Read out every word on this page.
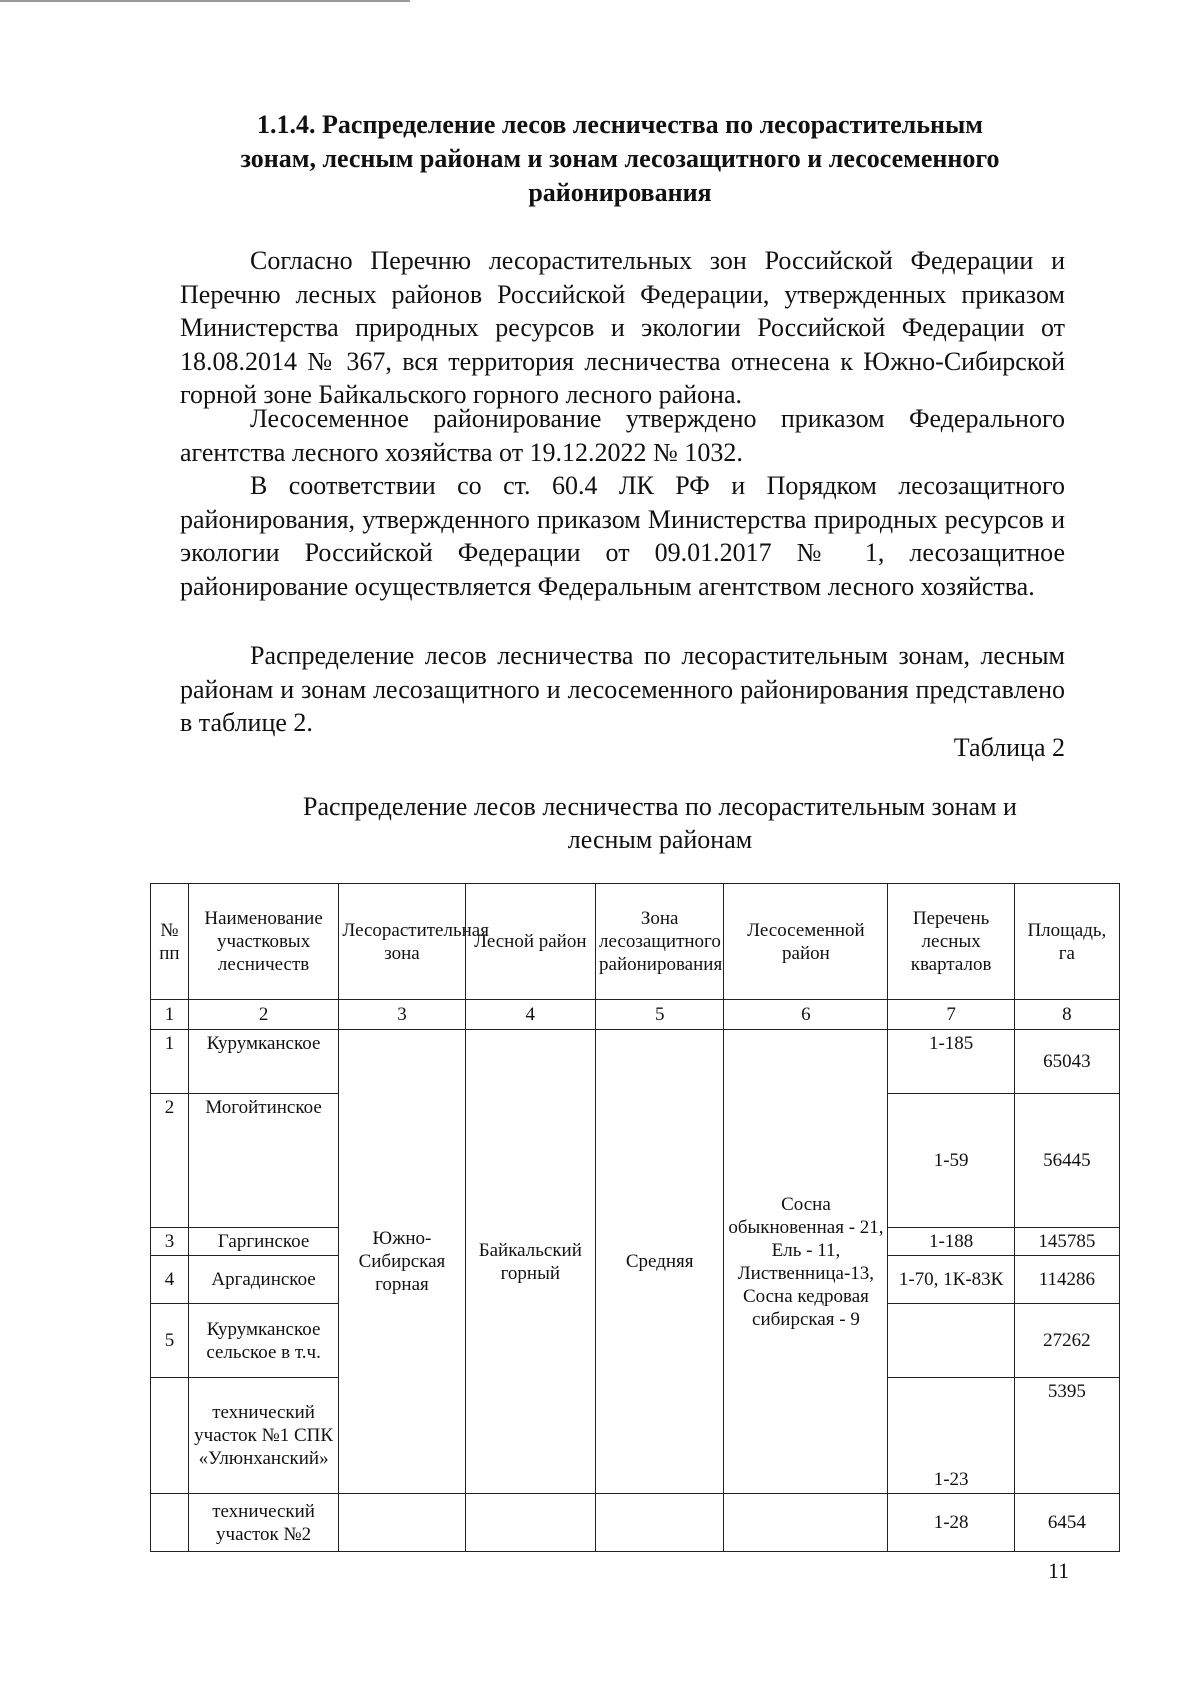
1.1.4. Распределение лесов лесничества по лесорастительным
зонам, лесным районам и зонам лесозащитного и лесосеменного
районирования

Согласно Перечню лесорастительных зон Российской Федерации и Перечню лесных районов Российской Федерации, утвержденных приказом Министерства природных ресурсов и экологии Российской Федерации от 18.08.2014 № 367, вся территория лесничества отнесена к Южно-Сибирской горной зоне Байкальского горного лесного района.

Лесосеменное районирование утверждено приказом Федерального агентства лесного хозяйства от 19.12.2022 № 1032.

В соответствии со ст. 60.4 ЛК РФ и Порядком лесозащитного районирования, утвержденного приказом Министерства природных ресурсов и экологии Российской Федерации от 09.01.2017 № 1, лесозащитное районирование осуществляется Федеральным агентством лесного хозяйства.

Распределение лесов лесничества по лесорастительным зонам, лесным районам и зонам лесозащитного и лесосеменного районирования представлено в таблице 2.

Таблица 2

Распределение лесов лесничества по лесорастительным зонам и
лесным районам

№ пп	Наименование участковых лесничеств	Лесорастительная зона	Лесной район	Зона лесозащитного районирования	Лесосеменной район	Перечень лесных кварталов	Площадь, га
1	2	3	4	5	6	7	8
1	Курумканское	Южно-Сибирская горная	Байкальский горный	Средняя	Сосна обыкновенная - 21, Ель - 11, Лиственница-13, Сосна кедровая сибирская - 9	1-185	65043
2	Могойтинское					1-59	56445
3	Гаргинское					1-188	145785
4	Аргадинское					1-70, 1К-83К	114286
5	Курумканское сельское в т.ч.						27262
	технический участок №1 СПК «Улюнханский»					1-23	5395
	технический участок №2					1-28	6454

11
